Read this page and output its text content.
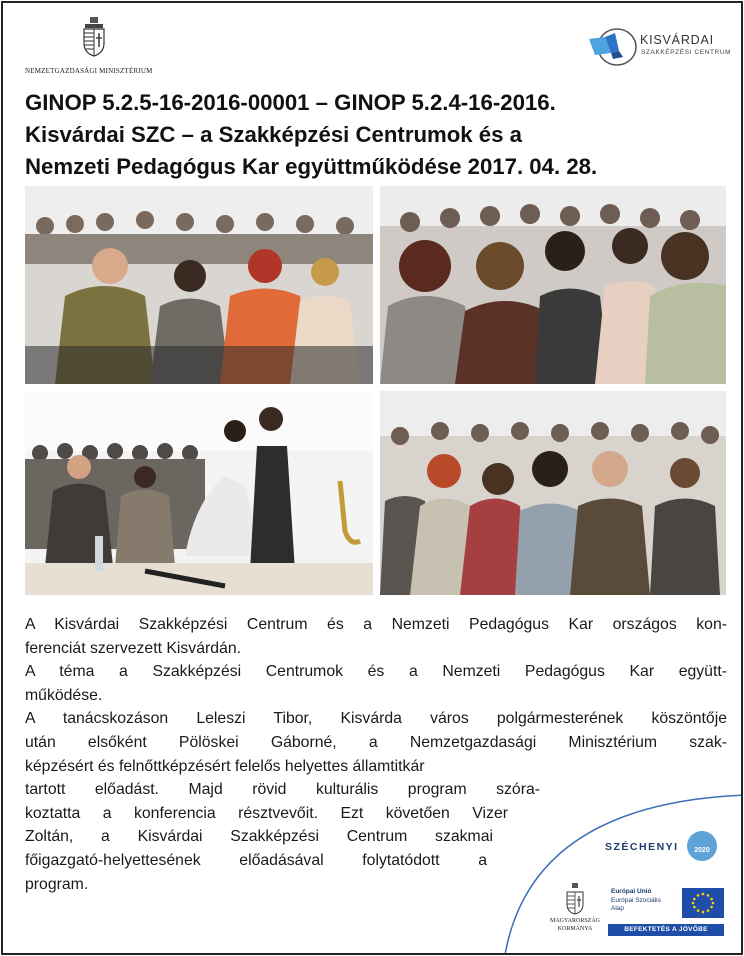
NEMZETGAZDASÁGI MINISZTÉRIUM
KISVÁRDAI
SZAKKÉPZÉSI CENTRUM
GINOP 5.2.5-16-2016-00001 – GINOP 5.2.4-16-2016.
Kisvárdai SZC – a Szakképzési Centrumok és a
Nemzeti Pedagógus Kar együttműködése 2017. 04. 28.
A Kisvárdai Szakképzési Centrum és a Nemzeti Pedagógus Kar országos kon-
ferenciát szervezett Kisvárdán.
A téma a Szakképzési Centrumok és a Nemzeti Pedagógus Kar együtt-
működése.
A tanácskozáson Leleszi Tibor, Kisvárda város polgármesterének köszöntője
után elsőként Pölöskei Gáborné, a Nemzetgazdasági Minisztérium szak-
képzésért és felnőttképzésért felelős helyettes államtitkár
tartott előadást. Majd rövid kulturális program szóra-
koztatta a konferencia résztvevőit. Ezt követően Vizer
Zoltán, a Kisvárdai Szakképzési Centrum szakmai
főigazgató-helyettesének előadásával folytatódott a
program.
SZÉCHENYI	2020
MAGYARORSZÁG
KORMÁNYA
Európai Unió
Európai Szociális
Alap
BEFEKTETÉS A JÖVŐBE
